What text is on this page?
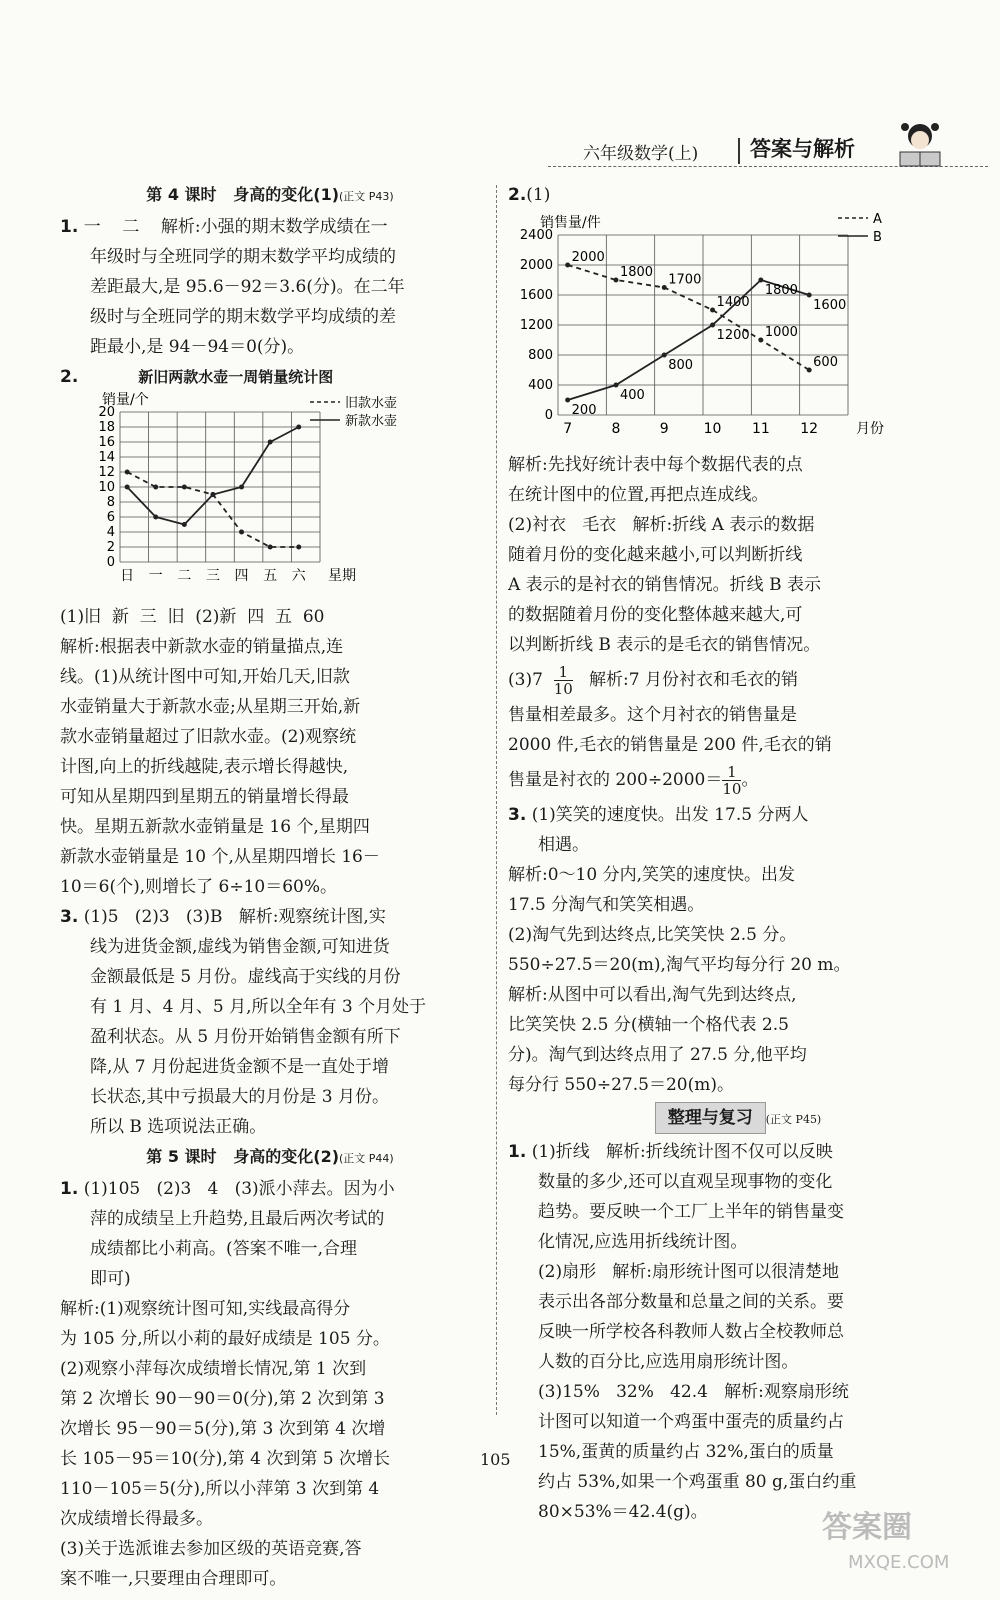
六年级数学(上) 答案与解析

第 4 课时   身高的变化(1)(正文 P43)

1. 一    二    解析:小强的期末数学成绩在一

年级时与全班同学的期末数学平均成绩的

差距最大,是 95.6－92＝3.6(分)。在二年

级时与全班同学的期末数学平均成绩的差

距最小,是 94－94＝0(分)。

2.	新旧两款水壶一周销量统计图

0
2
4
6
8
10
12
14
16
18
20
日 一 二 三 四 五 六 星期
销量/个	旧款水壶
新款水壶

(1)旧  新  三  旧  (2)新  四  五  60

解析:根据表中新款水壶的销量描点,连

线。(1)从统计图中可知,开始几天,旧款

水壶销量大于新款水壶;从星期三开始,新

款水壶销量超过了旧款水壶。(2)观察统

计图,向上的折线越陡,表示增长得越快,

可知从星期四到星期五的销量增长得最

快。星期五新款水壶销量是 16 个,星期四

新款水壶销量是 10 个,从星期四增长 16－

10＝6(个),则增长了 6÷10＝60%。

3. (1)5   (2)3   (3)B   解析:观察统计图,实

线为进货金额,虚线为销售金额,可知进货

金额最低是 5 月份。虚线高于实线的月份

有 1 月、4 月、5 月,所以全年有 3 个月处于

盈利状态。从 5 月份开始销售金额有所下

降,从 7 月份起进货金额不是一直处于增

长状态,其中亏损最大的月份是 3 月份。

所以 B 选项说法正确。

第 5 课时   身高的变化(2)(正文 P44)

1. (1)105   (2)3   4   (3)派小萍去。因为小

萍的成绩呈上升趋势,且最后两次考试的

成绩都比小莉高。(答案不唯一,合理

即可)

解析:(1)观察统计图可知,实线最高得分

为 105 分,所以小莉的最好成绩是 105 分。

(2)观察小萍每次成绩增长情况,第 1 次到

第 2 次增长 90－90＝0(分),第 2 次到第 3

次增长 95－90＝5(分),第 3 次到第 4 次增

长 105－95＝10(分),第 4 次到第 5 次增长

110－105＝5(分),所以小萍第 3 次到第 4

次成绩增长得最多。

(3)关于选派谁去参加区级的英语竞赛,答

案不唯一,只要理由合理即可。

2.(1)

0
400
800
1200
1600
2000
2400
7	8	9 10 11 12	月份
销售量/件	A
B
2000
1800 1700
1400
1000
600
200
400
800
1200
1800
1600

解析:先找好统计表中每个数据代表的点

在统计图中的位置,再把点连成线。

(2)衬衣   毛衣   解析:折线 A 表示的数据

随着月份的变化越来越小,可以判断折线

A 表示的是衬衣的销售情况。折线 B 表示

的数据随着月份的变化整体越来越大,可

以判断折线 B 表示的是毛衣的销售情况。

$(3)7 \frac{1}{10}$ 解析:7 月份衬衣和毛衣的销

售量相差最多。这个月衬衣的销售量是

2000 件,毛衣的销售量是 200 件,毛衣的销

售量是衬衣的 $200\div 2000= \frac{1}{10}$ 。

3. (1)笑笑的速度快。出发 17.5 分两人

相遇。

解析:0～10 分内,笑笑的速度快。出发

17.5 分淘气和笑笑相遇。

(2)淘气先到达终点,比笑笑快 2.5 分。

550÷27.5＝20(m),淘气平均每分行 20 m。

解析:从图中可以看出,淘气先到达终点,

比笑笑快 2.5 分(横轴一个格代表 2.5

分)。淘气到达终点用了 27.5 分,他平均

每分行 550÷27.5＝20(m)。

整理与复习 (正文 P45)

1. (1)折线   解析:折线统计图不仅可以反映

数量的多少,还可以直观呈现事物的变化

趋势。要反映一个工厂上半年的销售量变

化情况,应选用折线统计图。

(2)扇形   解析:扇形统计图可以很清楚地

表示出各部分数量和总量之间的关系。要

反映一所学校各科教师人数占全校教师总

人数的百分比,应选用扇形统计图。

(3)15%   32%   42.4   解析:观察扇形统

计图可以知道一个鸡蛋中蛋壳的质量约占

15%,蛋黄的质量约占 32%,蛋白的质量

约占 53%,如果一个鸡蛋重 80 g,蛋白约重

80×53%＝42.4(g)。

105
答案圈
MXQE.COM
